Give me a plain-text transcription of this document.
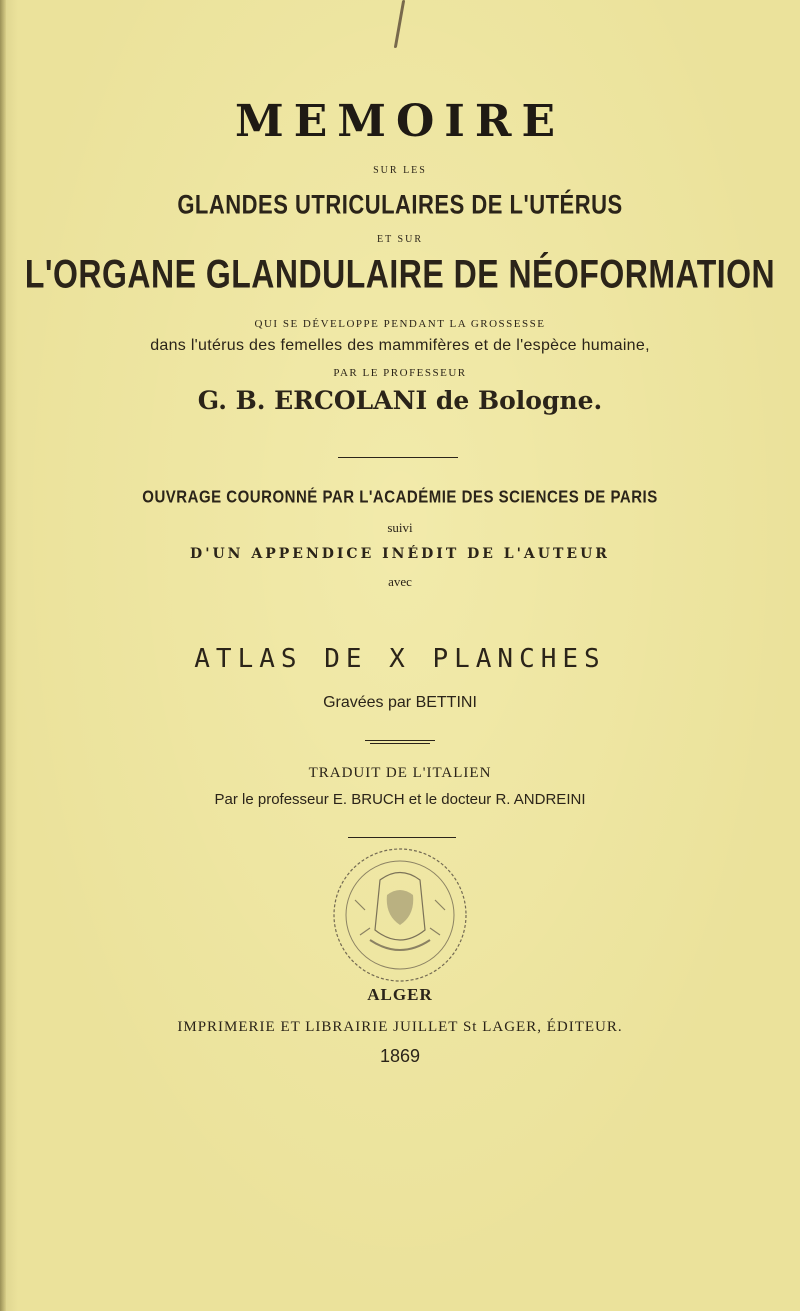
MEMOIRE
SUR LES
GLANDES UTRICULAIRES DE L'UTÉRUS
ET SUR
L'ORGANE GLANDULAIRE DE NÉOFORMATION
QUI SE DÉVELOPPE PENDANT LA GROSSESSE
dans l'utérus des femelles des mammifères et de l'espèce humaine,
PAR LE PROFESSEUR
G. B. ERCOLANI de Bologne.
OUVRAGE COURONNÉ PAR L'ACADÉMIE DES SCIENCES DE PARIS
suivi
D'UN APPENDICE INÉDIT DE L'AUTEUR
avec
ATLAS DE X PLANCHES
Gravées par BETTINI
TRADUIT DE L'ITALIEN
Par le professeur E. BRUCH et le docteur R. ANDREINI
ALGER
IMPRIMERIE ET LIBRAIRIE JUILLET St LAGER, ÉDITEUR.
1869
